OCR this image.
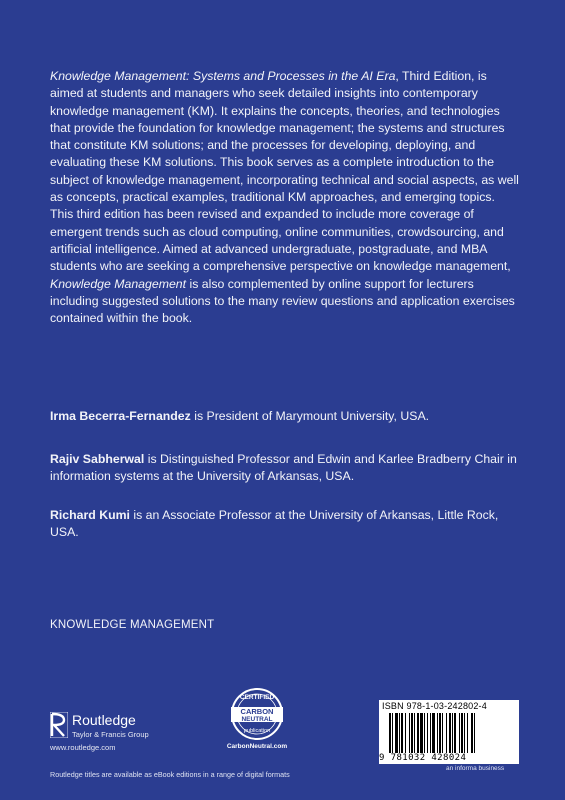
Knowledge Management: Systems and Processes in the AI Era, Third Edition, is aimed at students and managers who seek detailed insights into contemporary knowledge management (KM). It explains the concepts, theories, and technologies that provide the foundation for knowledge management; the systems and structures that constitute KM solutions; and the processes for developing, deploying, and evaluating these KM solutions. This book serves as a complete introduction to the subject of knowledge management, incorporating technical and social aspects, as well as concepts, practical examples, traditional KM approaches, and emerging topics. This third edition has been revised and expanded to include more coverage of emergent trends such as cloud computing, online communities, crowdsourcing, and artificial intelligence. Aimed at advanced undergraduate, postgraduate, and MBA students who are seeking a comprehensive perspective on knowledge management, Knowledge Management is also complemented by online support for lecturers including suggested solutions to the many review questions and application exercises contained within the book.
Irma Becerra-Fernandez is President of Marymount University, USA.
Rajiv Sabherwal is Distinguished Professor and Edwin and Karlee Bradberry Chair in information systems at the University of Arkansas, USA.
Richard Kumi is an Associate Professor at the University of Arkansas, Little Rock, USA.
KNOWLEDGE MANAGEMENT
Routledge
Taylor & Francis Group
www.routledge.com
CERTIFIED
CARBON
NEUTRAL
publication
CarbonNeutral.com
ISBN 978-1-03-242802-4
9 781032 428024
an informa business
Routledge titles are available as eBook editions in a range of digital formats
